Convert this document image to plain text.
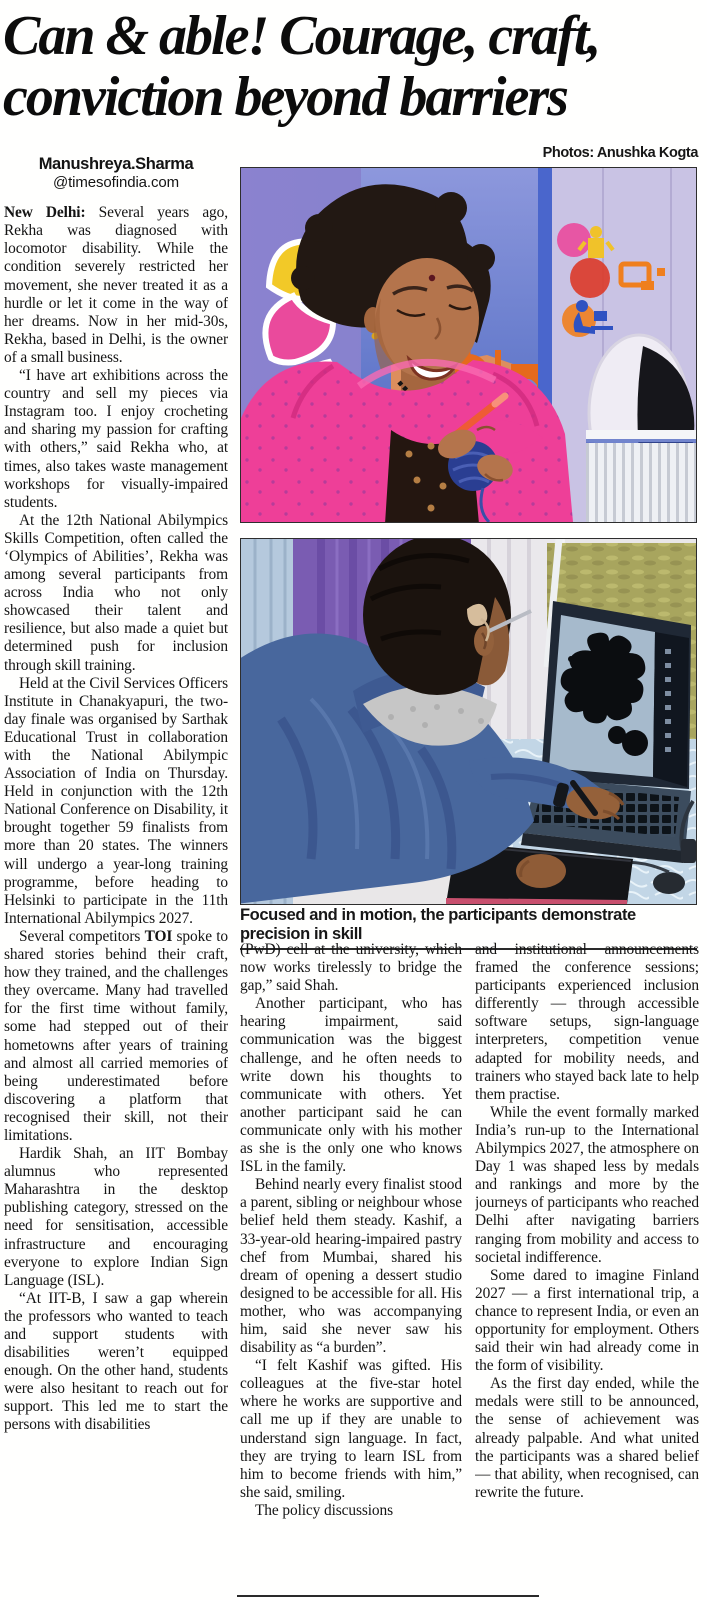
Can & able! Courage, craft,
conviction beyond barriers
Photos: Anushka Kogta
Manushreya.Sharma
@timesofindia.com

New Delhi: Several years ago, Rekha was diagnosed with locomotor disability. While the condition severely restricted her movement, she never treated it as a hurdle or let it come in the way of her dreams. Now in her mid-30s, Rekha, based in Delhi, is the owner of a small business.

“I have art exhibitions across the country and sell my pieces via Instagram too. I enjoy crocheting and sharing my passion for crafting with others,” said Rekha who, at times, also takes waste management workshops for visually-impaired students.

At the 12th National Abilympics Skills Competition, often called the ‘Olympics of Abilities’, Rekha was among several participants from across India who not only showcased their talent and resilience, but also made a quiet but determined push for inclusion through skill training.

Held at the Civil Services Officers Institute in Chanakyapuri, the two-day finale was organised by Sarthak Educational Trust in collaboration with the National Abilympic Association of India on Thursday. Held in conjunction with the 12th National Conference on Disability, it brought together 59 finalists from more than 20 states. The winners will undergo a year-long training programme, before heading to Helsinki to participate in the 11th International Abilympics 2027.

Several competitors TOI spoke to shared stories behind their craft, how they trained, and the challenges they overcame. Many had travelled for the first time without family, some had stepped out of their hometowns after years of training and almost all carried memories of being underestimated before discovering a platform that recognised their skill, not their limitations.

Hardik Shah, an IIT Bombay alumnus who represented Maharashtra in the desktop publishing category, stressed on the need for sensitisation, accessible infrastructure and encouraging everyone to explore Indian Sign Language (ISL).

“At IIT-B, I saw a gap wherein the professors who wanted to teach and support students with disabilities weren’t equipped enough. On the other hand, students were also hesitant to reach out for support. This led me to start the persons with disabilities

Focused and in motion, the participants demonstrate precision in skill

(PwD) cell at the university, which now works tirelessly to bridge the gap,” said Shah.

Another participant, who has hearing impairment, said communication was the biggest challenge, and he often needs to write down his thoughts to communicate with others. Yet another participant said he can communicate only with his mother as she is the only one who knows ISL in the family.

Behind nearly every finalist stood a parent, sibling or neighbour whose belief held them steady. Kashif, a 33-year-old hearing-impaired pastry chef from Mumbai, shared his dream of opening a dessert studio designed to be accessible for all. His mother, who was accompanying him, said she never saw his disability as “a burden”.

“I felt Kashif was gifted. His colleagues at the five-star hotel where he works are supportive and call me up if they are unable to understand sign language. In fact, they are trying to learn ISL from him to become friends with him,” she said, smiling.

The policy discussions

and institutional announcements framed the conference sessions; participants experienced inclusion differently — through accessible software setups, sign-language interpreters, competition venue adapted for mobility needs, and trainers who stayed back late to help them practise.

While the event formally marked India’s run-up to the International Abilympics 2027, the atmosphere on Day 1 was shaped less by medals and rankings and more by the journeys of participants who reached Delhi after navigating barriers ranging from mobility and access to societal indifference.

Some dared to imagine Finland 2027 — a first international trip, a chance to represent India, or even an opportunity for employment. Others said their win had already come in the form of visibility.

As the first day ended, while the medals were still to be announced, the sense of achievement was already palpable. And what united the participants was a shared belief — that ability, when recognised, can rewrite the future.
